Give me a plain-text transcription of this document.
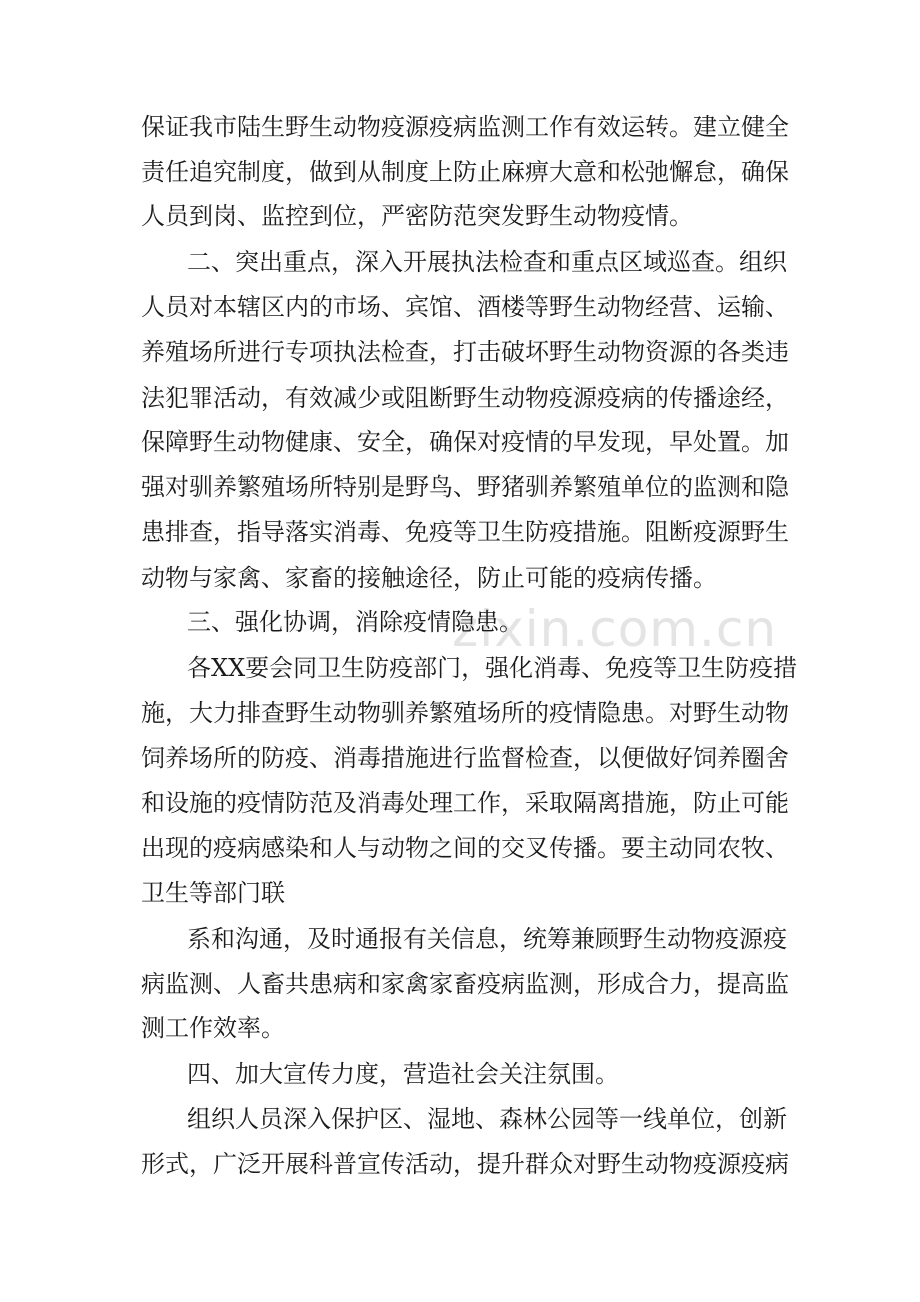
zixin.com.cn
保证我市陆生野生动物疫源疫病监测工作有效运转。建立健全
责任追究制度，做到从制度上防止麻痹大意和松弛懈怠，确保
人员到岗、监控到位，严密防范突发野生动物疫情。
二、突出重点，深入开展执法检查和重点区域巡查。组织
人员对本辖区内的市场、宾馆、酒楼等野生动物经营、运输、
养殖场所进行专项执法检查，打击破坏野生动物资源的各类违
法犯罪活动，有效减少或阻断野生动物疫源疫病的传播途经，
保障野生动物健康、安全，确保对疫情的早发现，早处置。加
强对驯养繁殖场所特别是野鸟、野猪驯养繁殖单位的监测和隐
患排查，指导落实消毒、免疫等卫生防疫措施。阻断疫源野生
动物与家禽、家畜的接触途径，防止可能的疫病传播。
三、强化协调，消除疫情隐患。
各XX要会同卫生防疫部门，强化消毒、免疫等卫生防疫措
施，大力排查野生动物驯养繁殖场所的疫情隐患。对野生动物
饲养场所的防疫、消毒措施进行监督检查，以便做好饲养圈舍
和设施的疫情防范及消毒处理工作，采取隔离措施，防止可能
出现的疫病感染和人与动物之间的交叉传播。要主动同农牧、
卫生等部门联
系和沟通，及时通报有关信息，统筹兼顾野生动物疫源疫
病监测、人畜共患病和家禽家畜疫病监测，形成合力，提高监
测工作效率。
四、加大宣传力度，营造社会关注氛围。
组织人员深入保护区、湿地、森林公园等一线单位，创新
形式，广泛开展科普宣传活动，提升群众对野生动物疫源疫病
